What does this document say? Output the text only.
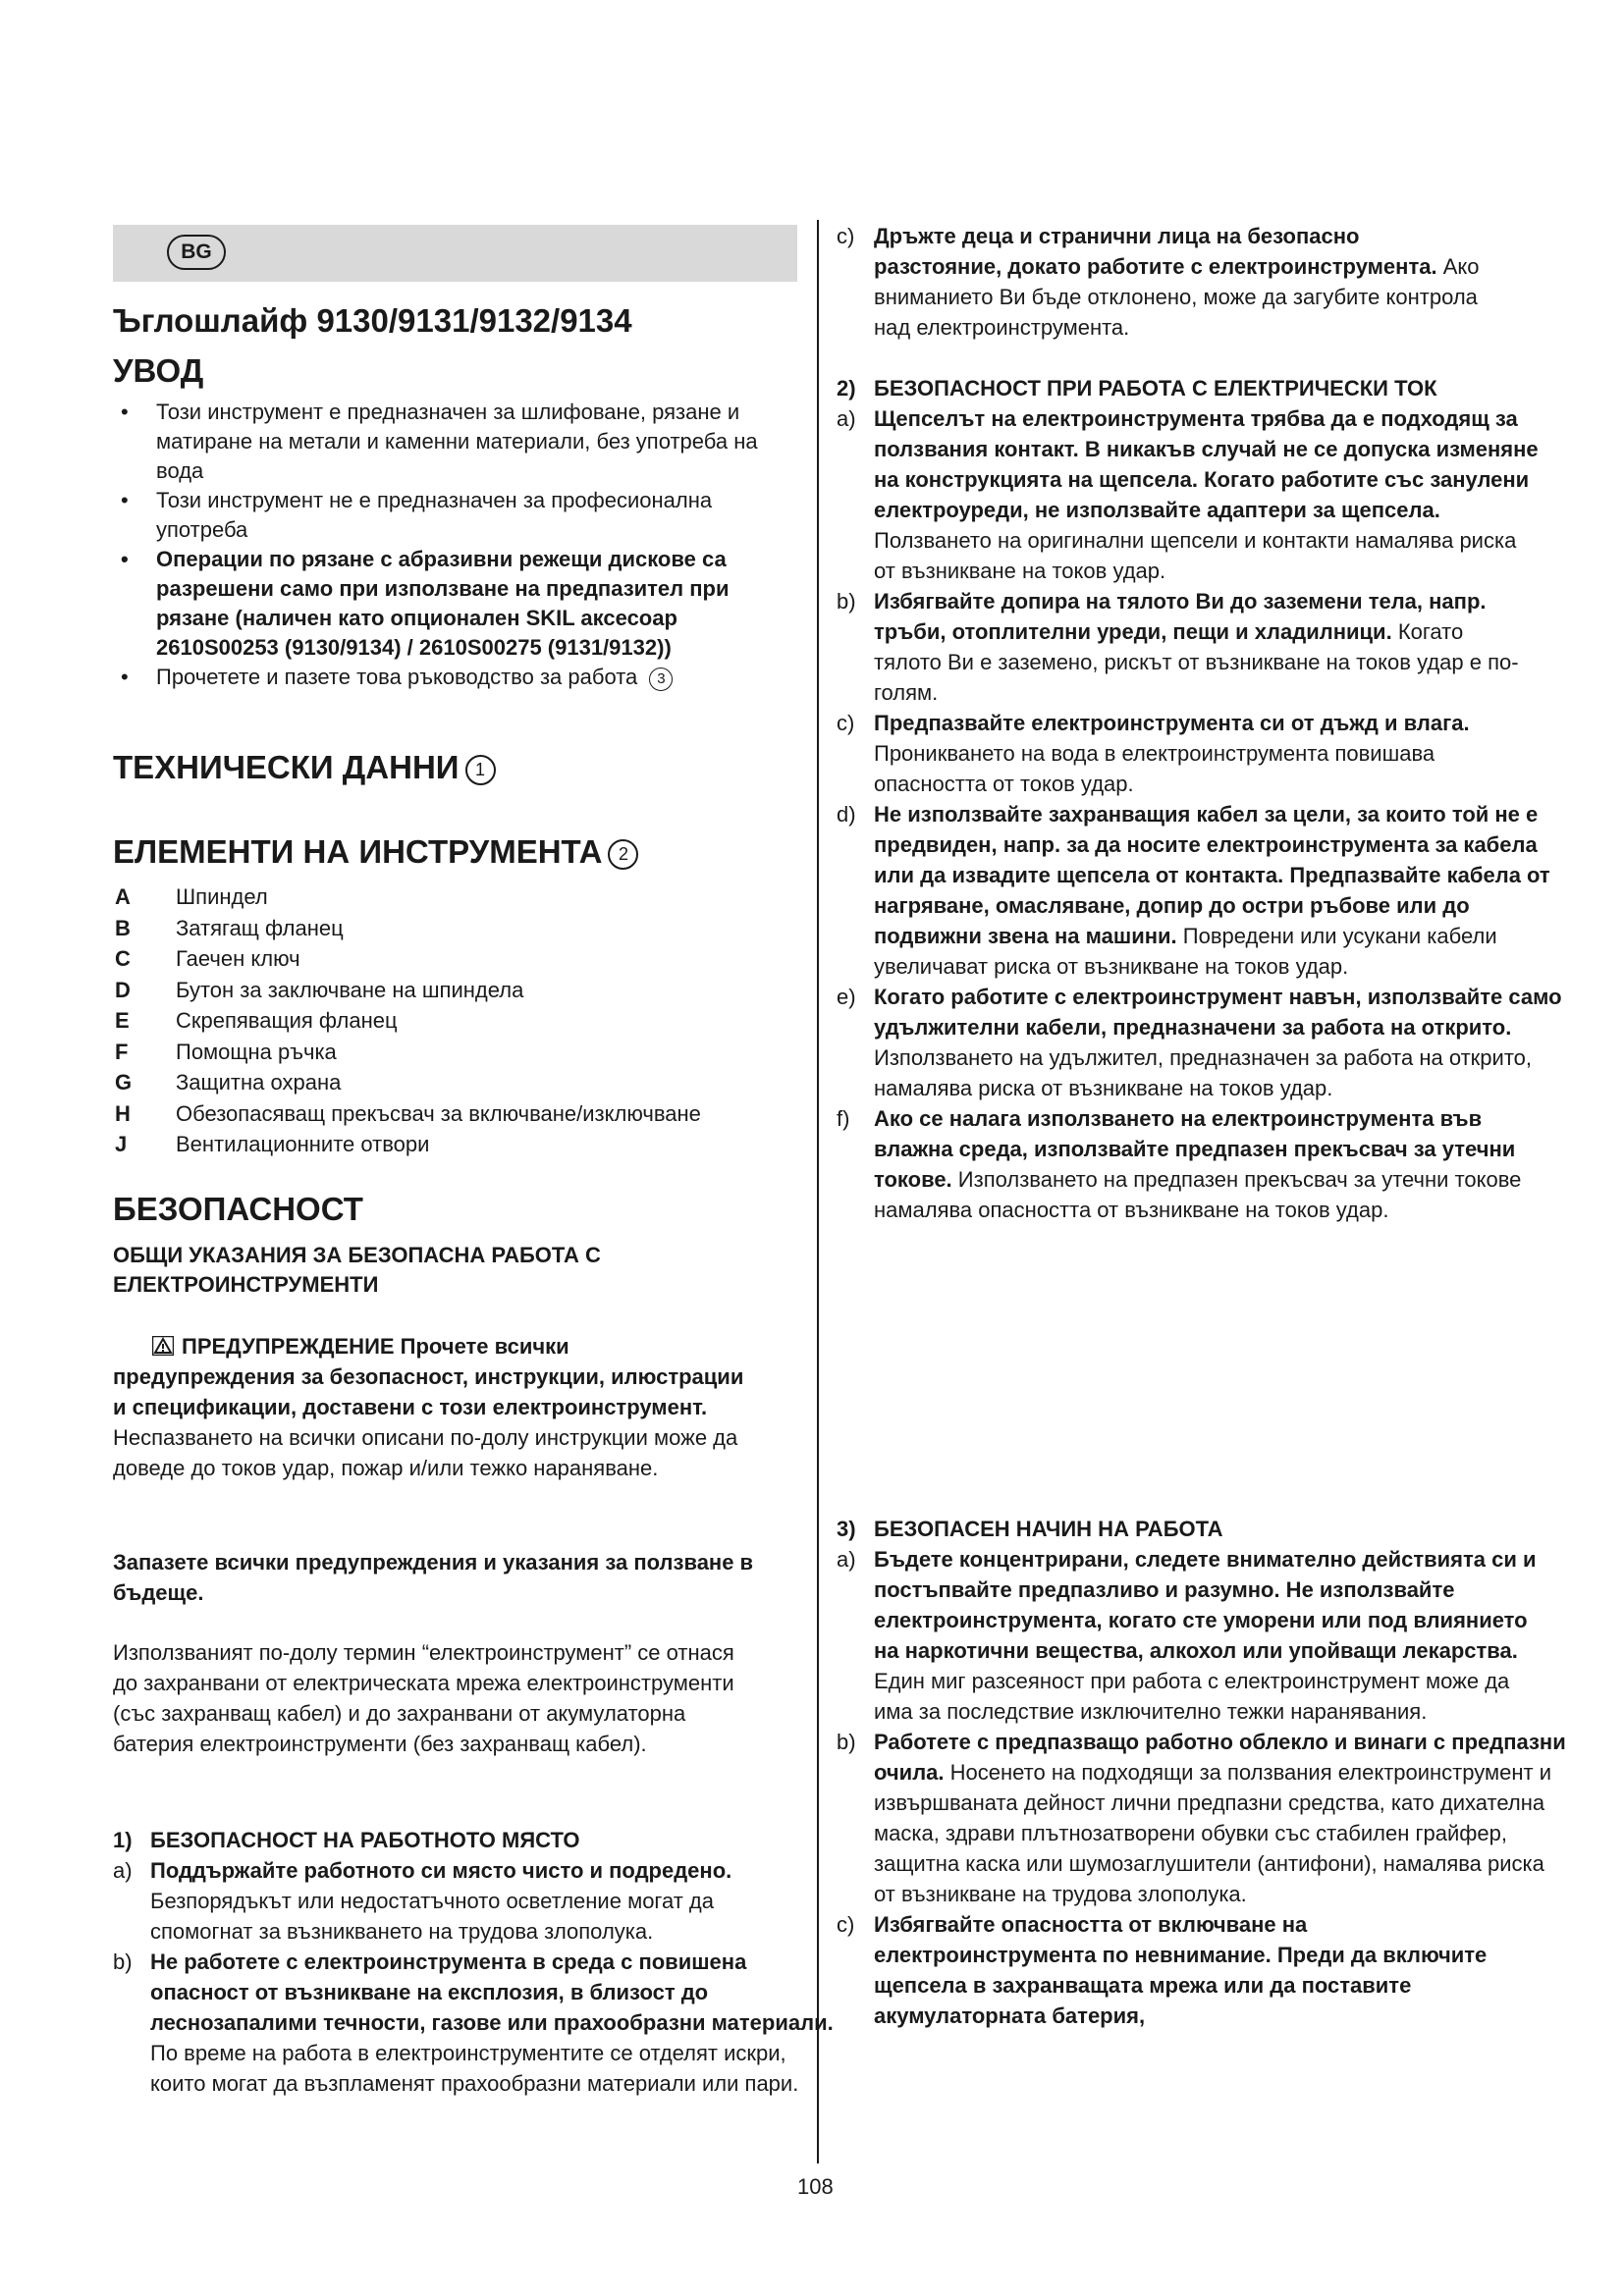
BG
Ъглошлайф 9130/9131/9132/9134
УВОД
• Този инструмент е предназначен за шлифоване, рязане и матиране на метали и каменни материали, без употреба на вода
• Този инструмент не е предназначен за професионална употреба
• Операции по рязане с абразивни режещи дискове са разрешени само при използване на предпазител при рязане (наличен като опционален SKIL аксесоар 2610S00253 (9130/9134) / 2610S00275 (9131/9132))
• Прочетете и пазете това ръководство за работа 3
ТЕХНИЧЕСКИ ДАННИ 1
ЕЛЕМЕНТИ НА ИНСТРУМЕНТА 2
A	Шпиндел
B	Затягащ фланец
C	Гаечен ключ
D	Бутон за заключване на шпиндела
E	Скрепяващия фланец
F	Помощна ръчка
G	Защитна охрана
H	Обезопасяващ прекъсвач за включване/изключване
J	Вентилационните отвори
БЕЗОПАСНОСТ
ОБЩИ УКАЗАНИЯ ЗА БЕЗОПАСНА РАБОТА С ЕЛЕКТРОИНСТРУМЕНТИ
ПРЕДУПРЕЖДЕНИЕ Прочете всички предупреждения за безопасност, инструкции, илюстрации и спецификации, доставени с този електроинструмент. Неспазването на всички описани по-долу инструкции може да доведе до токов удар, пожар и/или тежко нараняване.
Запазете всички предупреждения и указания за ползване в бъдеще.
Използваният по-долу термин “електроинструмент” се отнася до захранвани от електрическата мрежа електроинструменти (със захранващ кабел) и до захранвани от акумулаторна батерия електроинструменти (без захранващ кабел).
1) БЕЗОПАСНОСТ НА РАБОТНОТО МЯСТО
a) Поддържайте работното си място чисто и подредено. Безпорядъкът или недостатъчното осветление могат да спомогнат за възникването на трудова злополука.
b) Не работете с електроинструмента в среда с повишена опасност от възникване на експлозия, в близост до леснозапалими течности, газове или прахообразни материали. По време на работа в електроинструментите се отделят искри, които могат да възпламенят прахообразни материали или пари.
c) Дръжте деца и странични лица на безопасно разстояние, докато работите с електроинструмента. Ако вниманието Ви бъде отклонено, може да загубите контрола над електроинструмента.
2) БЕЗОПАСНОСТ ПРИ РАБОТА С ЕЛЕКТРИЧЕСКИ ТОК
a) Щепселът на електроинструмента трябва да е подходящ за ползвания контакт. В никакъв случай не се допуска изменяне на конструкцията на щепсела. Когато работите със занулени електроуреди, не използвайте адаптери за щепсела. Ползването на оригинални щепсели и контакти намалява риска от възникване на токов удар.
b) Избягвайте допира на тялото Ви до заземени тела, напр. тръби, отоплителни уреди, пещи и хладилници. Когато тялото Ви е заземено, рискът от възникване на токов удар е по-голям.
c) Предпазвайте електроинструмента си от дъжд и влага. Проникването на вода в електроинструмента повишава опасността от токов удар.
d) Не използвайте захранващия кабел за цели, за които той не е предвиден, напр. за да носите електроинструмента за кабела или да извадите щепсела от контакта. Предпазвайте кабела от нагряване, омасляване, допир до остри ръбове или до подвижни звена на машини. Повредени или усукани кабели увеличават риска от възникване на токов удар.
e) Когато работите с електроинструмент навън, използвайте само удължителни кабели, предназначени за работа на открито. Използването на удължител, предназначен за работа на открито, намалява риска от възникване на токов удар.
f) Ако се налага използването на електроинструмента във влажна среда, използвайте предпазен прекъсвач за утечни токове. Използването на предпазен прекъсвач за утечни токове намалява опасността от възникване на токов удар.
3) БЕЗОПАСЕН НАЧИН НА РАБОТА
a) Бъдете концентрирани, следете внимателно действията си и постъпвайте предпазливо и разумно. Не използвайте електроинструмента, когато сте уморени или под влиянието на наркотични вещества, алкохол или упойващи лекарства. Един миг разсеяност при работа с електроинструмент може да има за последствие изключително тежки наранявания.
b) Работете с предпазващо работно облекло и винаги с предпазни очила. Носенето на подходящи за ползвания електроинструмент и извършваната дейност лични предпазни средства, като дихателна маска, здрави плътнозатворени обувки със стабилен грайфер, защитна каска или шумозаглушители (антифони), намалява риска от възникване на трудова злополука.
c) Избягвайте опасността от включване на електроинструмента по невнимание. Преди да включите щепсела в захранващата мрежа или да поставите акумулаторната батерия,
108
